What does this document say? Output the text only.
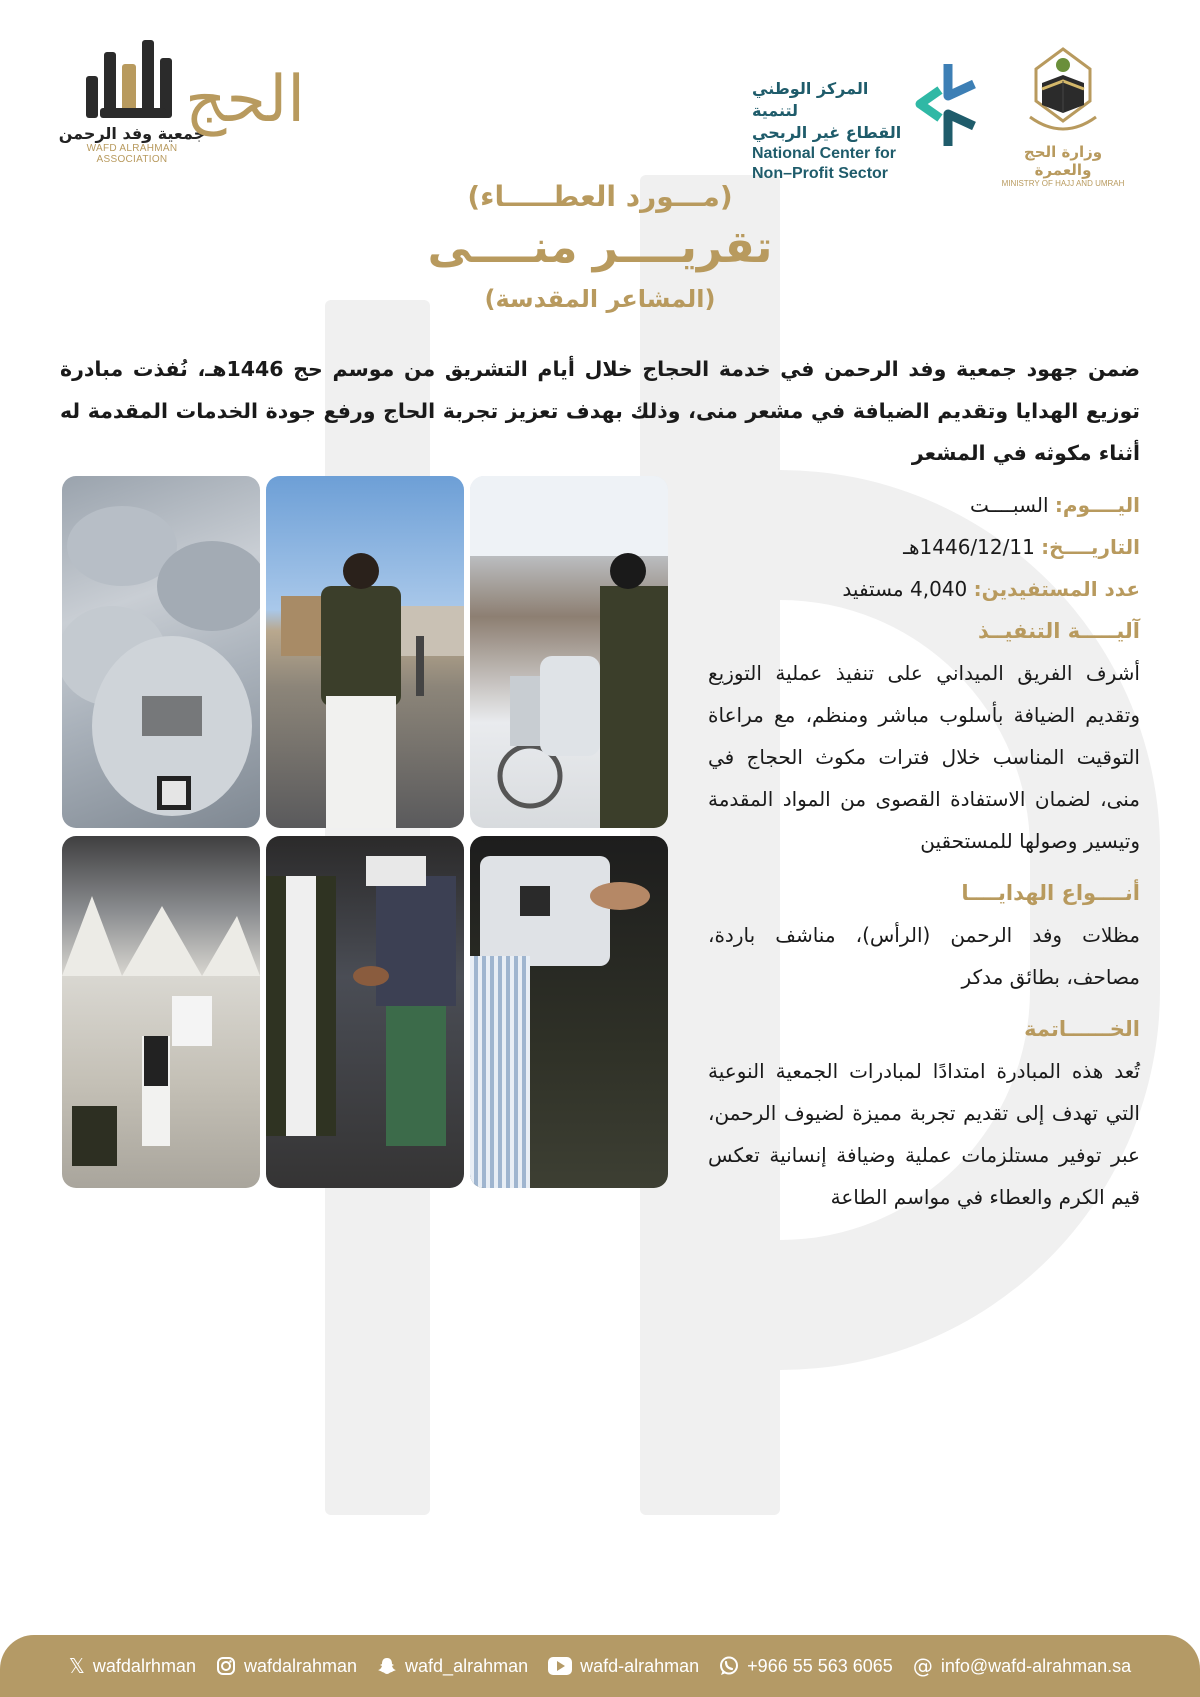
جمعية وفد الرحمن
WAFD ALRAHMAN ASSOCIATION
الحج	المركز الوطني لتنمية
القطاع غير الربحي
National Center for
Non–Profit Sector
وزارة الحج والعمرة
MINISTRY OF HAJJ AND UMRAH
(مـــورد العطـــــاء)
تقريــــر منــــى
(المشاعر المقدسة)

ضمن جهود جمعية وفد الرحمن في خدمة الحجاج خلال أيام التشريق من موسم حج 1446هـ، نُفذت مبادرة توزيع الهدايا وتقديم الضيافة في مشعر منى، وذلك بهدف تعزيز تجربة الحاج ورفع جودة الخدمات المقدمة له أثناء مكوثه في المشعر

اليــــوم: السبــــت
التاريــــخ: 1446/12/11هـ
عدد المستفيدين: 4,040 مستفيد
آليـــــة التنفيــذ

أشرف الفريق الميداني على تنفيذ عملية التوزيع وتقديم الضيافة بأسلوب مباشر ومنظم، مع مراعاة التوقيت المناسب خلال فترات مكوث الحجاج في منى، لضمان الاستفادة القصوى من المواد المقدمة وتيسير وصولها للمستحقين

أنــــواع الهدايــــا

مظلات وفد الرحمن (الرأس)، مناشف باردة، مصاحف، بطائق مدكر

الخــــــاتمة

تُعد هذه المبادرة امتدادًا لمبادرات الجمعية النوعية التي تهدف إلى تقديم تجربة مميزة لضيوف الرحمن، عبر توفير مستلزمات عملية وضيافة إنسانية تعكس قيم الكرم والعطاء في مواسم الطاعة

𝕏 wafdalrhman	wafdalrahman	wafd_alrahman	wafd-alrahman	+966 55 563 6065 @ info@wafd-alrahman.sa
